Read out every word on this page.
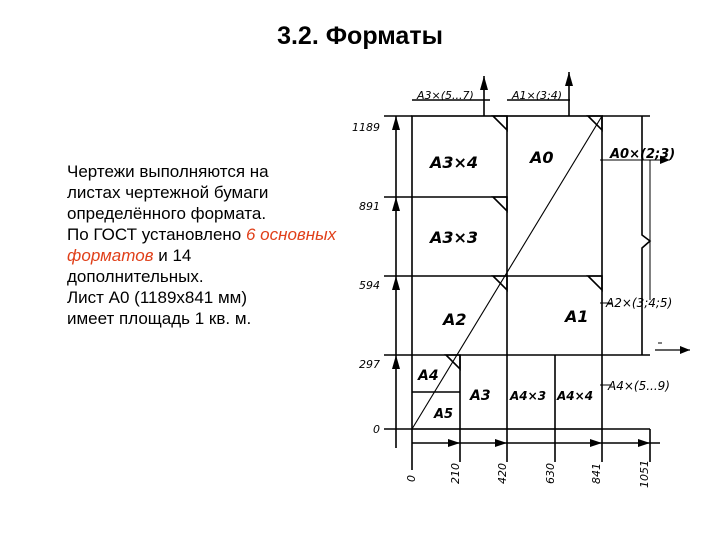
3.2. Форматы
Чертежи выполняются на
листах чертежной бумаги
определённого формата.
По ГОСТ установлено 6 основных форматов и 14
дополнительных.
Лист А0 (1189x841 мм)
имеет площадь 1 кв. м.
A3×4	A0
A3×3
A2	A1
A4
A3
A5
A4×3 A4×4
A3×(5...7)	A1×(3;4)
A0×(2;3)
A2×(3;4;5)
A4×(5...9)
1189
891
594
297
0
0	210	420	630	841	1051
